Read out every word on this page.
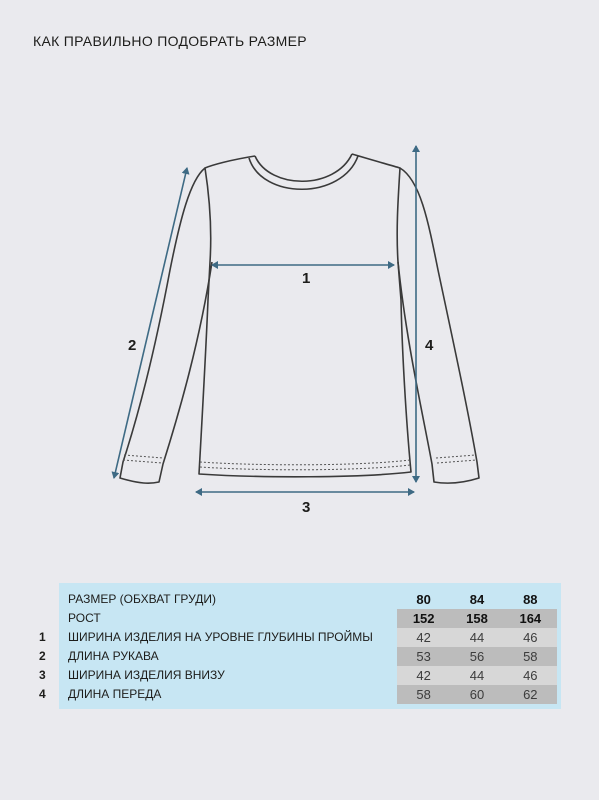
КАК ПРАВИЛЬНО ПОДОБРАТЬ РАЗМЕР
1
2
3
4
РАЗМЕР (ОБХВАТ ГРУДИ)	80	84	88
РОСТ	152	158	164
1 ШИРИНА ИЗДЕЛИЯ НА УРОВНЕ ГЛУБИНЫ ПРОЙМЫ	42	44	46
2 ДЛИНА РУКАВА	53	56	58
3 ШИРИНА ИЗДЕЛИЯ ВНИЗУ	42	44	46
4 ДЛИНА ПЕРЕДА	58	60	62
